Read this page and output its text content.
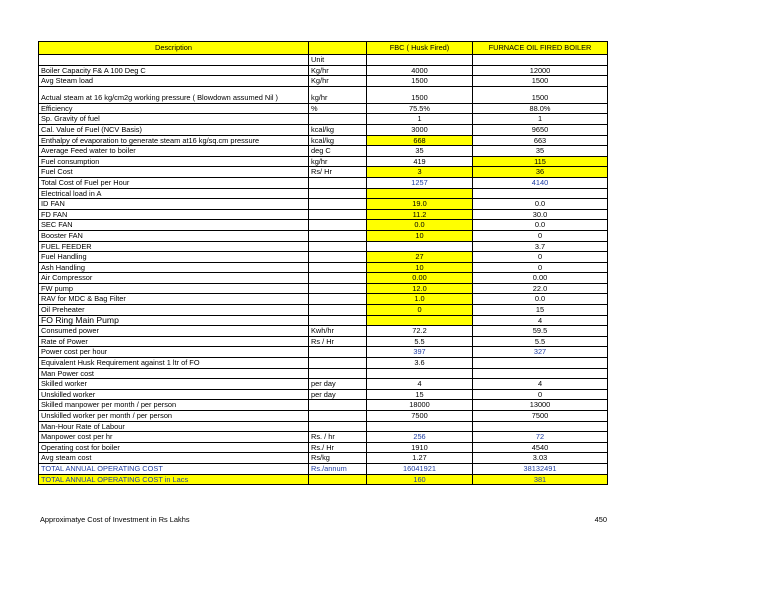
Description		FBC ( Husk Fired)	FURNACE OIL FIRED BOILER
	Unit		
Boiler Capacity F& A 100 Deg C	Kg/hr	4000	12000
Avg Steam load	Kg/hr	1500	1500
Actual steam at 16 kg/cm2g working pressure ( Blowdown assumed Nil )	kg/hr	1500	1500
Efficiency	%	75.5%	88.0%
Sp. Gravity of fuel		1	1
Cal. Value of Fuel (NCV Basis)	kcal/kg	3000	9650
Enthalpy of evaporation to generate steam at16 kg/sq.cm pressure	kcal/kg	668	663
Average Feed water to boiler	deg C	35	35
Fuel consumption	kg/hr	419	115
Fuel Cost	Rs/ Hr	3	36
Total Cost of Fuel per Hour		1257	4140
Electrical load in A			
ID FAN		19.0	0.0
FD FAN		11.2	30.0
SEC FAN		0.0	0.0
Booster FAN		10	0
FUEL FEEDER			3.7
Fuel Handling		27	0
Ash Handling		10	0
Air Compressor		0.00	0.00
FW pump		12.0	22.0
RAV for MDC & Bag Filter		1.0	0.0
Oil Preheater		0	15
FO Ring Main Pump			4
Consumed power	Kwh/hr	72.2	59.5
Rate of Power	Rs / Hr	5.5	5.5
Power cost per hour		397	327
Equivalent Husk Requirement against 1 ltr of FO		3.6	
Man Power cost			
Skilled worker	per day	4	4
Unskilled worker	per day	15	0
Skilled manpower per month / per person		18000	13000
Unskilled worker per month / per person		7500	7500
Man-Hour Rate of Labour			
Manpower cost per hr	Rs. / hr	256	72
Operating cost for boiler	Rs./ Hr	1910	4540
Avg steam cost	Rs/kg	1.27	3.03
TOTAL ANNUAL OPERATING COST	Rs./annum	16041921	38132491
TOTAL ANNUAL OPERATING COST in Lacs		160	381
Approximatye Cost of Investment in Rs Lakhs	450
